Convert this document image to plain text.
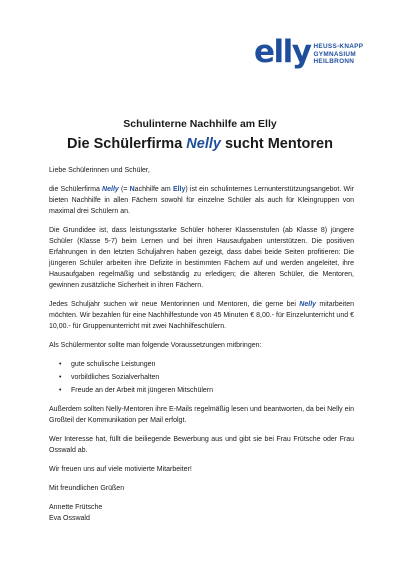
elly HEUSS-KNAPP
GYMNASIUM
HEILBRONN
Schulinterne Nachhilfe am Elly
Die Schülerfirma Nelly sucht Mentoren

Liebe Schülerinnen und Schüler,

die Schülerfirma Nelly (= Nachhilfe am Elly) ist ein schulinternes Lernunterstützungsangebot. Wir bieten Nachhilfe in allen Fächern sowohl für einzelne Schüler als auch für Kleingruppen von maximal drei Schülern an.

Die Grundidee ist, dass leistungsstarke Schüler höherer Klassenstufen (ab Klasse 8) jüngere Schüler (Klasse 5-7) beim Lernen und bei ihren Hausaufgaben unterstützen. Die positiven Erfahrungen in den letzten Schuljahren haben gezeigt, dass dabei beide Seiten profitieren: Die jüngeren Schüler arbeiten ihre Defizite in bestimmten Fächern auf und werden angeleitet, ihre Hausaufgaben regelmäßig und selbständig zu erledigen; die älteren Schüler, die Mentoren, gewinnen zusätzliche Sicherheit in ihren Fächern.

Jedes Schuljahr suchen wir neue Mentorinnen und Mentoren, die gerne bei Nelly mitarbeiten möchten. Wir bezahlen für eine Nachhilfestunde von 45 Minuten € 8,00.- für Einzelunterricht und € 10,00.- für Gruppenunterricht mit zwei Nachhilfeschülern.

Als Schülermentor sollte man folgende Voraussetzungen mitbringen:

• gute schulische Leistungen
• vorbildliches Sozialverhalten
• Freude an der Arbeit mit jüngeren Mitschülern

Außerdem sollten Nelly-Mentoren ihre E-Mails regelmäßig lesen und beantworten, da bei Nelly ein Großteil der Kommunikation per Mail erfolgt.

Wer Interesse hat, füllt die beiliegende Bewerbung aus und gibt sie bei Frau Frütsche oder Frau Osswald ab.

Wir freuen uns auf viele motivierte Mitarbeiter!

Mit freundlichen Grüßen

Annette Frütsche

Eva Osswald
